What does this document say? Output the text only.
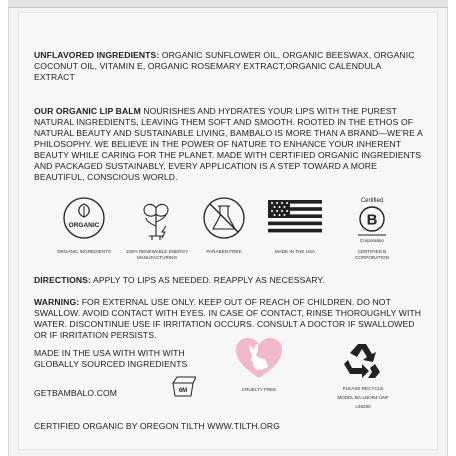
UNFLAVORED INGREDIENTS: ORGANIC SUNFLOWER OIL, ORGANIC BEESWAX, ORGANIC COCONUT OIL, VITAMIN E, ORGANIC ROSEMARY EXTRACT,ORGANIC CALENDULA EXTRACT
OUR ORGANIC LIP BALM NOURISHES AND HYDRATES YOUR LIPS WITH THE PUREST NATURAL INGREDIENTS, LEAVING THEM SOFT AND SMOOTH. ROOTED IN THE ETHOS OF NATURAL BEAUTY AND SUSTAINABLE LIVING, BAMBALO IS MORE THAN A BRAND—WE'RE A PHILOSOPHY. WE BELIEVE IN THE POWER OF NATURE TO ENHANCE YOUR INHERENT BEAUTY WHILE CARING FOR THE PLANET. MADE WITH CERTIFIED ORGANIC INGREDIENTS AND PACKAGED SUSTAINABLY, EVERY APPLICATION IS A STEP TOWARD A MORE BEAUTIFUL, CONSCIOUS WORLD.
ORGANIC
ORGANIC INGREDIENTS	100% RENEWABLE ENERGY MANUFACTURING
PARABEN FREE	MADE IN THE USA
Certified
B
Corporation
CERTIFIED B CORPORATION
DIRECTIONS: APPLY TO LIPS AS NEEDED. REAPPLY AS NECESSARY.
WARNING: FOR EXTERNAL USE ONLY. KEEP OUT OF REACH OF CHILDREN. DO NOT SWALLOW. AVOID CONTACT WITH EYES. IN CASE OF CONTACT, RINSE THOROUGHLY WITH WATER. DISCONTINUE USE IF IRRITATION OCCURS. CONSULT A DOCTOR IF SWALLOWED OR IF IRRITATION PERSISTS.
MADE IN THE USA WITH WITH WITH GLOBALLY SOURCED INGREDIENTS
GETBAMBALO.COM	6M	CRUELTY FREE	PLEASE RECYCLE
MODEL BA-LBOR4-UNF
L38290
CERTIFIED ORGANIC BY OREGON TILTH WWW.TILTH.ORG
